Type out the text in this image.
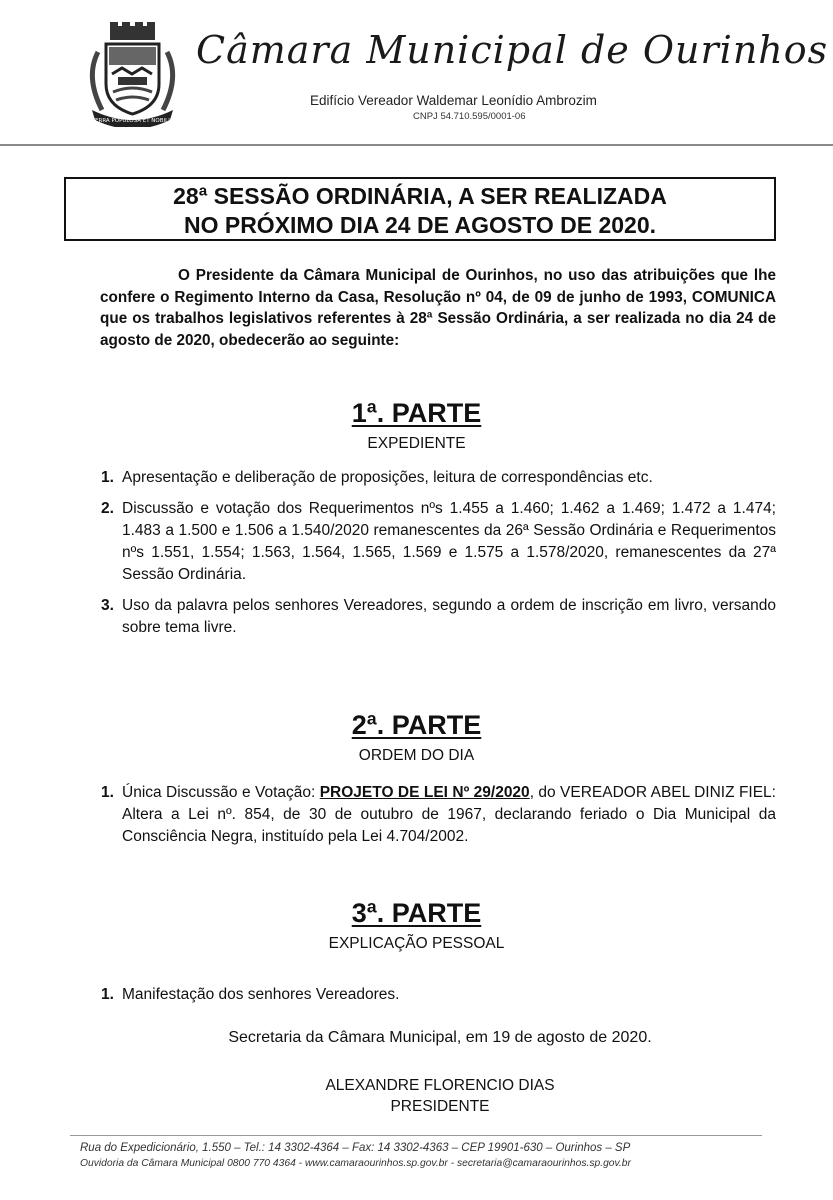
TERRA POPULOSA ET NOBILIS
Câmara Municipal de Ourinhos
Edifício Vereador Waldemar Leonídio Ambrozim
CNPJ 54.710.595/0001-06
28ª SESSÃO ORDINÁRIA, A SER REALIZADA
NO PRÓXIMO DIA 24 DE AGOSTO DE 2020.

O Presidente da Câmara Municipal de Ourinhos, no uso das atribuições que lhe confere o Regimento Interno da Casa, Resolução nº 04, de 09 de junho de 1993, COMUNICA que os trabalhos legislativos referentes à 28ª Sessão Ordinária, a ser realizada no dia 24 de agosto de 2020, obedecerão ao seguinte:

1ª. PARTE
EXPEDIENTE
1. Apresentação e deliberação de proposições, leitura de correspondências etc.
2. Discussão e votação dos Requerimentos nºs 1.455 a 1.460; 1.462 a 1.469; 1.472 a 1.474; 1.483 a 1.500 e 1.506 a 1.540/2020 remanescentes da 26ª Sessão Ordinária e Requerimentos nºs 1.551, 1.554; 1.563, 1.564, 1.565, 1.569 e 1.575 a 1.578/2020, remanescentes da 27ª Sessão Ordinária.
3. Uso da palavra pelos senhores Vereadores, segundo a ordem de inscrição em livro, versando sobre tema livre.
2ª. PARTE
ORDEM DO DIA
1. Única Discussão e Votação: PROJETO DE LEI Nº 29/2020, do VEREADOR ABEL DINIZ FIEL: Altera a Lei nº. 854, de 30 de outubro de 1967, declarando feriado o Dia Municipal da Consciência Negra, instituído pela Lei 4.704/2002.
3ª. PARTE
EXPLICAÇÃO PESSOAL
1. Manifestação dos senhores Vereadores.
Secretaria da Câmara Municipal, em 19 de agosto de 2020.
ALEXANDRE FLORENCIO DIAS
PRESIDENTE
Rua do Expedicionário, 1.550 – Tel.: 14 3302-4364 – Fax: 14 3302-4363 – CEP 19901-630 – Ourinhos – SP
Ouvidoria da Câmara Municipal 0800 770 4364 - www.camaraourinhos.sp.gov.br - secretaria@camaraourinhos.sp.gov.br
